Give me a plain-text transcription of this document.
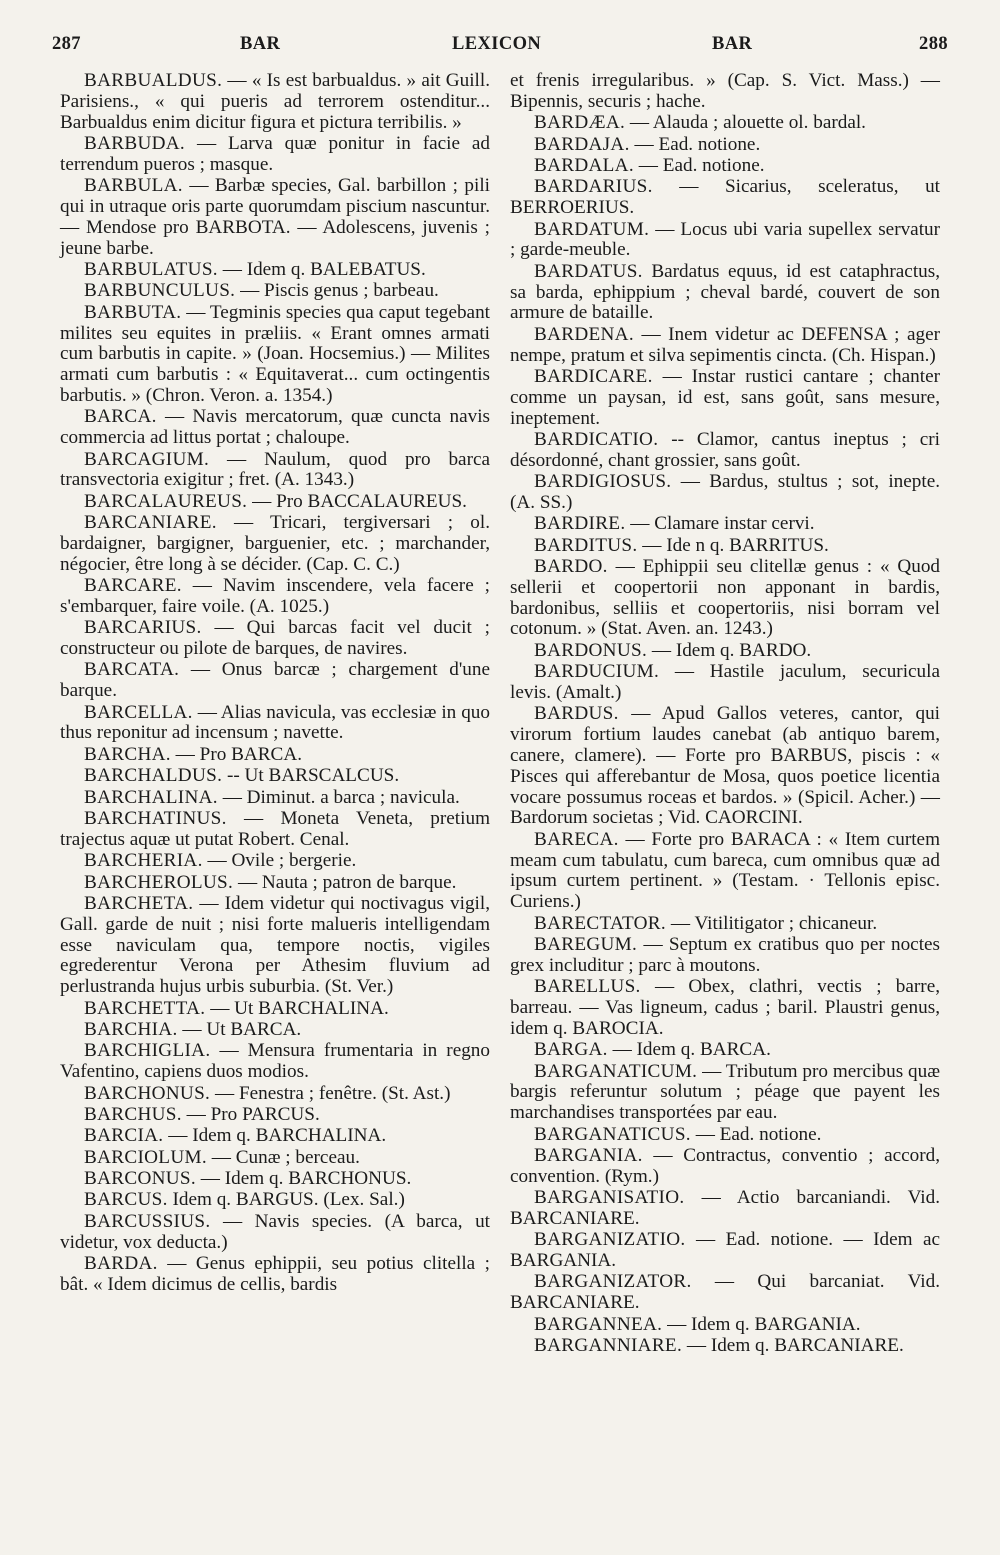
287	BAR	LEXICON	BAR	288

BARBUALDUS. — « Is est barbualdus. » ait Guill. Parisiens., « qui pueris ad terrorem ostenditur... Barbualdus enim dicitur figura et pictura terribilis. »

BARBUDA. — Larva quæ ponitur in facie ad terrendum pueros ; masque.

BARBULA. — Barbæ species, Gal. barbillon ; pili qui in utraque oris parte quorumdam piscium nascuntur. — Mendose pro BARBOTA. — Adolescens, juvenis ; jeune barbe.

BARBULATUS. — Idem q. BALEBATUS.

BARBUNCULUS. — Piscis genus ; barbeau.

BARBUTA. — Tegminis species qua caput tegebant milites seu equites in præliis. « Erant omnes armati cum barbutis in capite. » (Joan. Hocsemius.) — Milites armati cum barbutis : « Equitaverat... cum octingentis barbutis. » (Chron. Veron. a. 1354.)

BARCA. — Navis mercatorum, quæ cuncta navis commercia ad littus portat ; chaloupe.

BARCAGIUM. — Naulum, quod pro barca transvectoria exigitur ; fret. (A. 1343.)

BARCALAUREUS. — Pro BACCALAUREUS.

BARCANIARE. — Tricari, tergiversari ; ol. bardaigner, bargigner, barguenier, etc. ; marchander, négocier, être long à se décider. (Cap. C. C.)

BARCARE. — Navim inscendere, vela facere ; s'embarquer, faire voile. (A. 1025.)

BARCARIUS. — Qui barcas facit vel ducit ; constructeur ou pilote de barques, de navires.

BARCATA. — Onus barcæ ; chargement d'une barque.

BARCELLA. — Alias navicula, vas ecclesiæ in quo thus reponitur ad incensum ; navette.

BARCHA. — Pro BARCA.

BARCHALDUS. -- Ut BARSCALCUS.

BARCHALINA. — Diminut. a barca ; navicula.

BARCHATINUS. — Moneta Veneta, pretium trajectus aquæ ut putat Robert. Cenal.

BARCHERIA. — Ovile ; bergerie.

BARCHEROLUS. — Nauta ; patron de barque.

BARCHETA. — Idem videtur qui noctivagus vigil, Gall. garde de nuit ; nisi forte malueris intelligendam esse naviculam qua, tempore noctis, vigiles egrederentur Verona per Athesim fluvium ad perlustranda hujus urbis suburbia. (St. Ver.)

BARCHETTA. — Ut BARCHALINA.

BARCHIA. — Ut BARCA.

BARCHIGLIA. — Mensura frumentaria in regno Vafentino, capiens duos modios.

BARCHONUS. — Fenestra ; fenêtre. (St. Ast.)

BARCHUS. — Pro PARCUS.

BARCIA. — Idem q. BARCHALINA.

BARCIOLUM. — Cunæ ; berceau.

BARCONUS. — Idem q. BARCHONUS.

BARCUS. Idem q. BARGUS. (Lex. Sal.)

BARCUSSIUS. — Navis species. (A barca, ut videtur, vox deducta.)

BARDA. — Genus ephippii, seu potius clitella ; bât. « Idem dicimus de cellis, bardis

et frenis irregularibus. » (Cap. S. Vict. Mass.) — Bipennis, securis ; hache.

BARDÆA. — Alauda ; alouette ol. bardal.

BARDAJA. — Ead. notione.

BARDALA. — Ead. notione.

BARDARIUS. — Sicarius, sceleratus, ut BERROERIUS.

BARDATUM. — Locus ubi varia supellex servatur ; garde-meuble.

BARDATUS. Bardatus equus, id est cataphractus, sa barda, ephippium ; cheval bardé, couvert de son armure de bataille.

BARDENA. — Inem videtur ac DEFENSA ; ager nempe, pratum et silva sepimentis cincta. (Ch. Hispan.)

BARDICARE. — Instar rustici cantare ; chanter comme un paysan, id est, sans goût, sans mesure, ineptement.

BARDICATIO. -- Clamor, cantus ineptus ; cri désordonné, chant grossier, sans goût.

BARDIGIOSUS. — Bardus, stultus ; sot, inepte. (A. SS.)

BARDIRE. — Clamare instar cervi.

BARDITUS. — Ide n q. BARRITUS.

BARDO. — Ephippii seu clitellæ genus : « Quod sellerii et coopertorii non apponant in bardis, bardonibus, selliis et coopertoriis, nisi borram vel cotonum. » (Stat. Aven. an. 1243.)

BARDONUS. — Idem q. BARDO.

BARDUCIUM. — Hastile jaculum, securicula levis. (Amalt.)

BARDUS. — Apud Gallos veteres, cantor, qui virorum fortium laudes canebat (ab antiquo barem, canere, clamere). — Forte pro BARBUS, piscis : « Pisces qui afferebantur de Mosa, quos poetice licentia vocare possumus roceas et bardos. » (Spicil. Acher.) — Bardorum societas ; Vid. CAORCINI.

BARECA. — Forte pro BARACA : « Item curtem meam cum tabulatu, cum bareca, cum omnibus quæ ad ipsum curtem pertinent. » (Testam. · Tellonis episc. Curiens.)

BARECTATOR. — Vitilitigator ; chicaneur.

BAREGUM. — Septum ex cratibus quo per noctes grex includitur ; parc à moutons.

BARELLUS. — Obex, clathri, vectis ; barre, barreau. — Vas ligneum, cadus ; baril. Plaustri genus, idem q. BAROCIA.

BARGA. — Idem q. BARCA.

BARGANATICUM. — Tributum pro mercibus quæ bargis referuntur solutum ; péage que payent les marchandises transportées par eau.

BARGANATICUS. — Ead. notione.

BARGANIA. — Contractus, conventio ; accord, convention. (Rym.)

BARGANISATIO. — Actio barcaniandi. Vid. BARCANIARE.

BARGANIZATIO. — Ead. notione. — Idem ac BARGANIA.

BARGANIZATOR. — Qui barcaniat. Vid. BARCANIARE.

BARGANNEA. — Idem q. BARGANIA.

BARGANNIARE. — Idem q. BARCANIARE.
